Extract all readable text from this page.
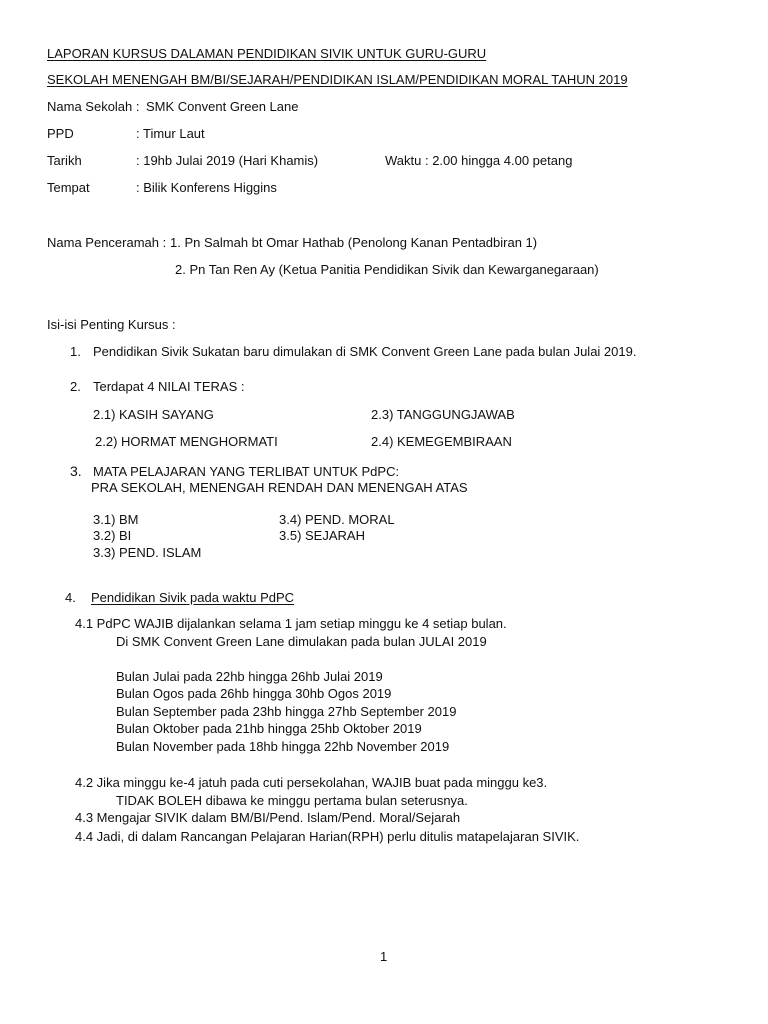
LAPORAN KURSUS DALAMAN PENDIDIKAN SIVIK UNTUK GURU-GURU
SEKOLAH MENENGAH BM/BI/SEJARAH/PENDIDIKAN ISLAM/PENDIDIKAN MORAL TAHUN 2019
Nama Sekolah : SMK Convent Green Lane
PPD	: Timur Laut
Tarikh	: 19hb Julai 2019 (Hari Khamis)	Waktu : 2.00 hingga 4.00 petang
Tempat	: Bilik Konferens Higgins
Nama Penceramah : 1. Pn Salmah bt Omar Hathab (Penolong Kanan Pentadbiran 1)
2. Pn Tan Ren Ay (Ketua Panitia Pendidikan Sivik dan Kewarganegaraan)
Isi-isi Penting Kursus :
1. Pendidikan Sivik Sukatan baru dimulakan di SMK Convent Green Lane pada bulan Julai 2019.
2. Terdapat 4 NILAI TERAS :
2.1) KASIH SAYANG	2.3) TANGGUNGJAWAB
2.2) HORMAT MENGHORMATI	2.4) KEMEGEMBIRAAN
3. MATA PELAJARAN YANG TERLIBAT UNTUK PdPC:
PRA SEKOLAH, MENENGAH RENDAH DAN MENENGAH ATAS
3.1) BM	3.4) PEND. MORAL
3.2) BI	3.5) SEJARAH
3.3) PEND. ISLAM
4. Pendidikan Sivik pada waktu PdPC
4.1 PdPC WAJIB dijalankan selama 1 jam setiap minggu ke 4 setiap bulan.
Di SMK Convent Green Lane dimulakan pada bulan JULAI 2019
Bulan Julai pada 22hb hingga 26hb Julai 2019
Bulan Ogos pada 26hb hingga 30hb Ogos 2019
Bulan September pada 23hb hingga 27hb September 2019
Bulan Oktober pada 21hb hingga 25hb Oktober 2019
Bulan November pada 18hb hingga 22hb November 2019
4.2 Jika minggu ke-4 jatuh pada cuti persekolahan, WAJIB buat pada minggu ke3.
TIDAK BOLEH dibawa ke minggu pertama bulan seterusnya.
4.3 Mengajar SIVIK dalam BM/BI/Pend. Islam/Pend. Moral/Sejarah
4.4 Jadi, di dalam Rancangan Pelajaran Harian(RPH) perlu ditulis matapelajaran SIVIK.
1
